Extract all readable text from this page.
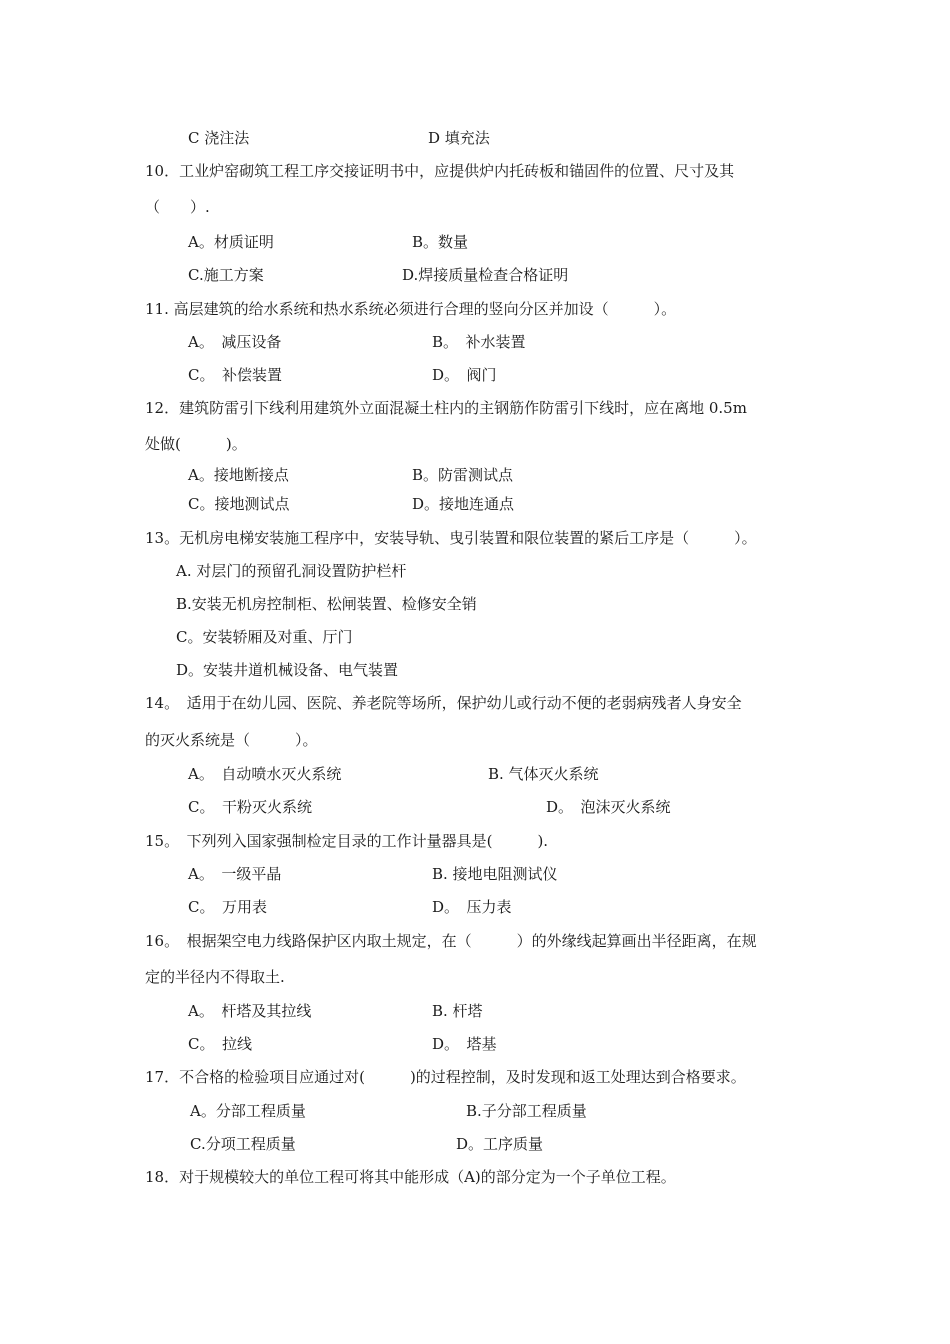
C 浇注法	D 填充法
10．工业炉窑砌筑工程工序交接证明书中，应提供炉内托砖板和锚固件的位置、尺寸及其
（　　）.
A。材质证明	B。数量
C.施工方案	D.焊接质量检查合格证明
11. 高层建筑的给水系统和热水系统必须进行合理的竖向分区并加设（　　　）。
A。　减压设备	B。　补水装置
C。　补偿装置	D。　阀门
12．建筑防雷引下线利用建筑外立面混凝土柱内的主钢筋作防雷引下线时，应在离地 0.5m
处做(　　　)。
A。接地断接点	B。防雷测试点
C。接地测试点	D。接地连通点
13。无机房电梯安装施工程序中，安装导轨、曳引装置和限位装置的紧后工序是（　　　）。
A. 对层门的预留孔洞设置防护栏杆
B.安装无机房控制柜、松闸装置、检修安全销
C。安装轿厢及对重、厅门
D。安装井道机械设备、电气装置
14。　适用于在幼儿园、医院、养老院等场所，保护幼儿或行动不便的老弱病残者人身安全
的灭火系统是（　　　）。
A。　自动喷水灭火系统	B. 气体灭火系统
C。　干粉灭火系统	D。　泡沫灭火系统
15。　下列列入国家强制检定目录的工作计量器具是(　　　).
A。　一级平晶	B. 接地电阻测试仪
C。　万用表	D。　压力表
16。　根据架空电力线路保护区内取土规定，在（　　　）的外缘线起算画出半径距离，在规
定的半径内不得取土.
A。　杆塔及其拉线	B. 杆塔
C。　拉线	D。　塔基
17．不合格的检验项目应通过对(　　　)的过程控制，及时发现和返工处理达到合格要求。
A。分部工程质量	B.子分部工程质量
C.分项工程质量	D。工序质量
18．对于规模较大的单位工程可将其中能形成（A)的部分定为一个子单位工程。
